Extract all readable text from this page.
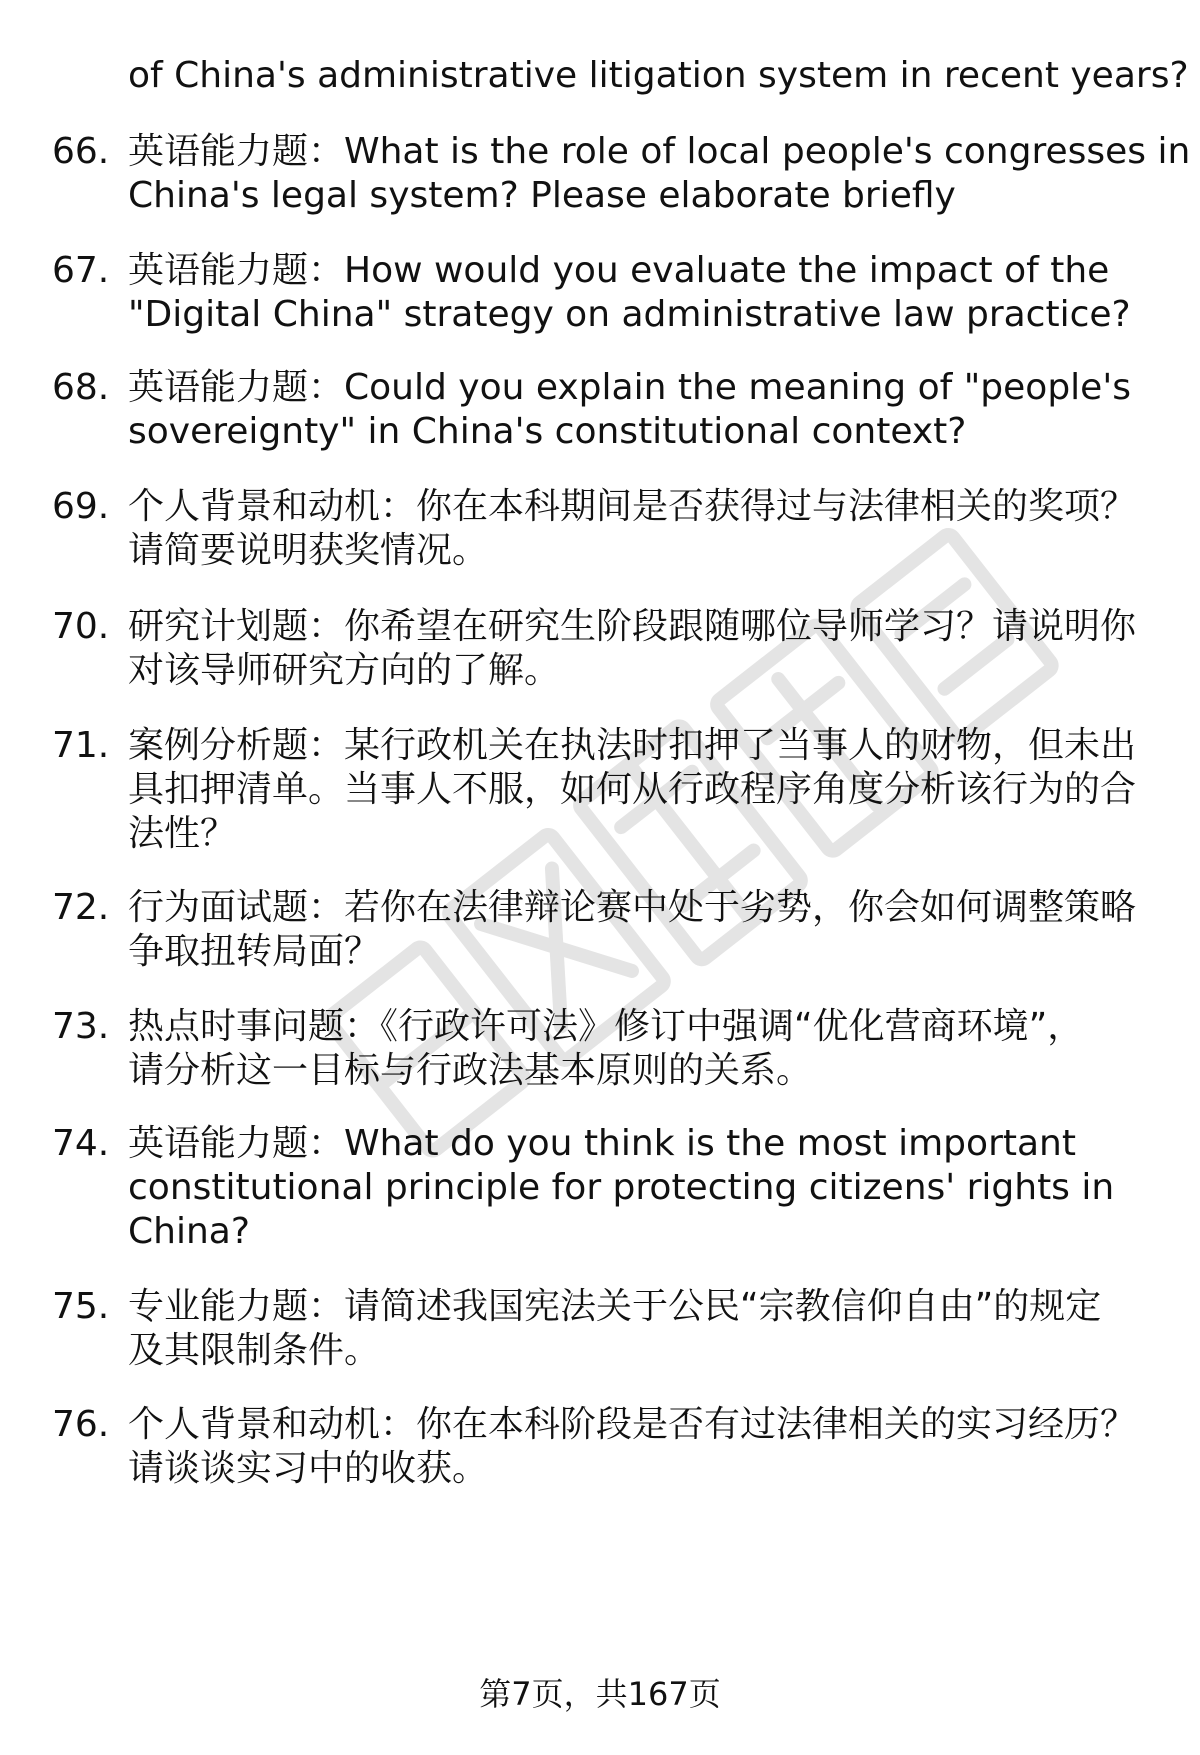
of China's administrative litigation system in recent years?
66. 英语能力题：What is the role of local people's congresses in
China's legal system? Please elaborate briefly
67. 英语能力题：How would you evaluate the impact of the
"Digital China" strategy on administrative law practice?
68. 英语能力题：Could you explain the meaning of "people's
sovereignty" in China's constitutional context?
69. 个人背景和动机：你在本科期间是否获得过与法律相关的奖项？
请简要说明获奖情况。
70. 研究计划题：你希望在研究生阶段跟随哪位导师学习？请说明你
对该导师研究方向的了解。
71. 案例分析题：某行政机关在执法时扣押了当事人的财物，但未出
具扣押清单。当事人不服，如何从行政程序角度分析该行为的合
法性？
72. 行为面试题：若你在法律辩论赛中处于劣势，你会如何调整策略
争取扭转局面？
73. 热点时事问题：《行政许可法》修订中强调“优化营商环境”，
请分析这一目标与行政法基本原则的关系。
74. 英语能力题：What do you think is the most important
constitutional principle for protecting citizens' rights in
China?
75. 专业能力题：请简述我国宪法关于公民“宗教信仰自由”的规定
及其限制条件。
76. 个人背景和动机：你在本科阶段是否有过法律相关的实习经历？
请谈谈实习中的收获。
第7页，共167页
